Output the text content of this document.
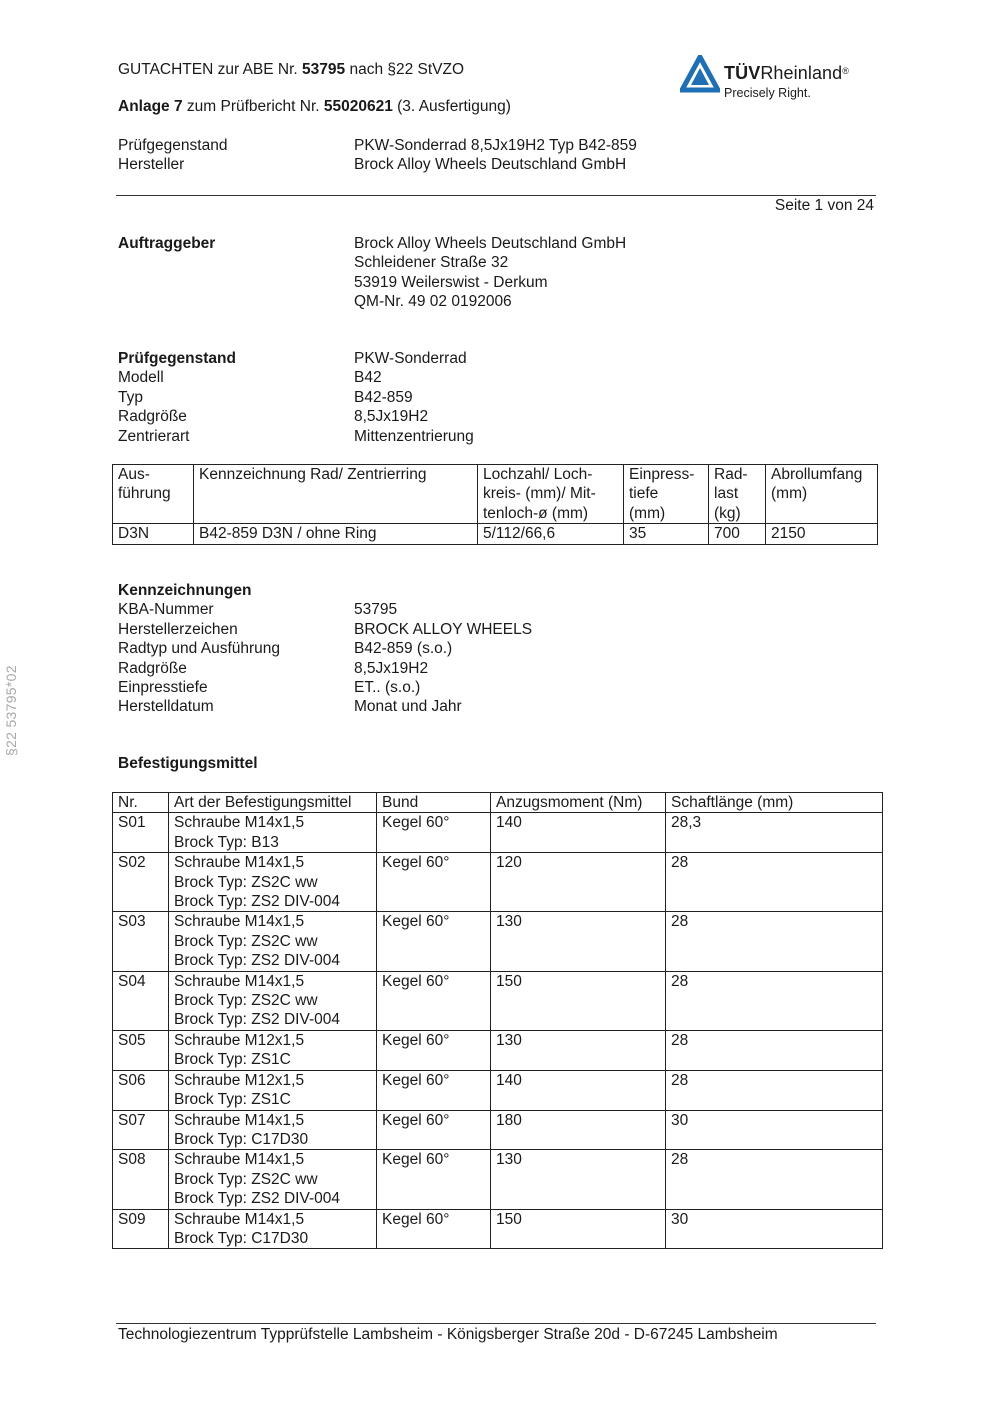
GUTACHTEN zur ABE Nr. 53795 nach §22 StVZO
Anlage 7 zum Prüfbericht Nr. 55020621 (3. Ausfertigung)
Prüfgegenstand
Hersteller
PKW-Sonderrad 8,5Jx19H2 Typ B42-859
Brock Alloy Wheels Deutschland GmbH
TÜVRheinland®
Precisely Right.
Seite 1 von 24
§22 53795*02
Auftraggeber	Brock Alloy Wheels Deutschland GmbH
Schleidener Straße 32
53919 Weilerswist - Derkum
QM-Nr. 49 02 0192006
Prüfgegenstand	PKW-Sonderrad
Modell	B42
Typ	B42-859
Radgröße	8,5Jx19H2
Zentrierart	Mittenzentrierung
Aus-
führung	Kennzeichnung Rad/ Zentrierring	Lochzahl/ Loch-
kreis- (mm)/ Mit-
tenloch-ø (mm)	Einpress-
tiefe
(mm)	Rad-
last
(kg)	Abrollumfang
(mm)
D3N	B42-859 D3N / ohne Ring	5/112/66,6	35	700	2150
Kennzeichnungen
KBA-Nummer	53795
Herstellerzeichen	BROCK ALLOY WHEELS
Radtyp und Ausführung	B42-859 (s.o.)
Radgröße	8,5Jx19H2
Einpresstiefe	ET.. (s.o.)
Herstelldatum	Monat und Jahr
Befestigungsmittel
Nr.	Art der Befestigungsmittel	Bund	Anzugsmoment (Nm)	Schaftlänge (mm)
S01	Schraube M14x1,5
Brock Typ: B13	Kegel 60°	140	28,3
S02	Schraube M14x1,5
Brock Typ: ZS2C ww
Brock Typ: ZS2 DIV-004	Kegel 60°	120	28
S03	Schraube M14x1,5
Brock Typ: ZS2C ww
Brock Typ: ZS2 DIV-004	Kegel 60°	130	28
S04	Schraube M14x1,5
Brock Typ: ZS2C ww
Brock Typ: ZS2 DIV-004	Kegel 60°	150	28
S05	Schraube M12x1,5
Brock Typ: ZS1C	Kegel 60°	130	28
S06	Schraube M12x1,5
Brock Typ: ZS1C	Kegel 60°	140	28
S07	Schraube M14x1,5
Brock Typ: C17D30	Kegel 60°	180	30
S08	Schraube M14x1,5
Brock Typ: ZS2C ww
Brock Typ: ZS2 DIV-004	Kegel 60°	130	28
S09	Schraube M14x1,5
Brock Typ: C17D30	Kegel 60°	150	30
Technologiezentrum Typprüfstelle Lambsheim - Königsberger Straße 20d - D-67245 Lambsheim
